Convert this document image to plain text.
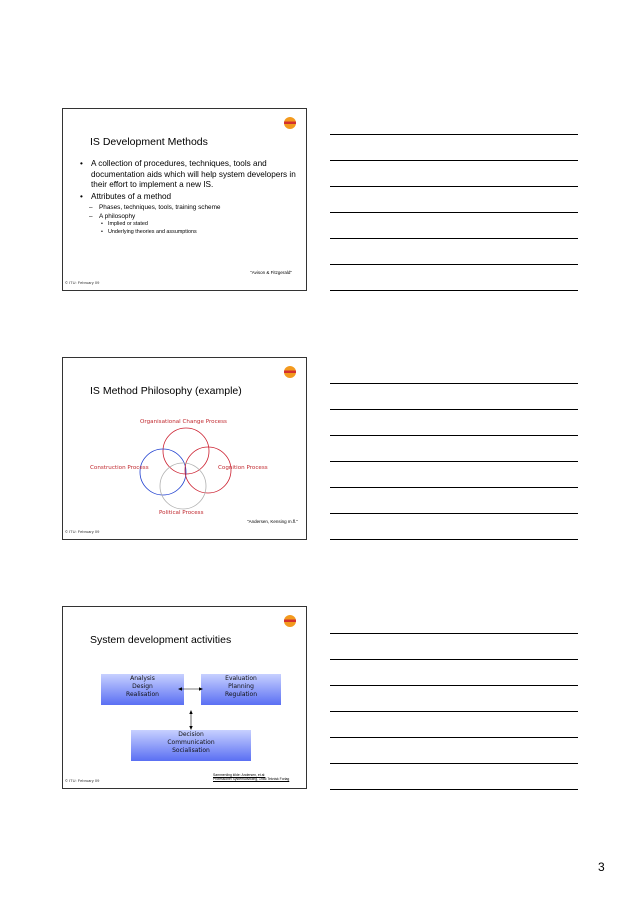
IS Development Methods
• A collection of procedures, techniques, tools and documentation aids which will help system developers in their effort to implement a new IS.
• Attributes of a method
– Phases, techniques, tools, training scheme
– A philosophy
• Implied or stated
• Underlying theories and assumptions
"Avison & Fitzgerald"
© ITU: February 09
IS Method Philosophy (example)
Organisational Change Process
Construction Process	Cognition Process
Political Process
"Andersen, Kensing m.fl."
© ITU: February 09
System development activities
Analysis
Design
Realisation
Evaluation
Planning
Regulation
Decision
Communication
Socialisation
Sammenling kilde: Andersen, et al:
Professionel Systemudvikling, 1986 Teknisk Forlag
© ITU: February 09
3
